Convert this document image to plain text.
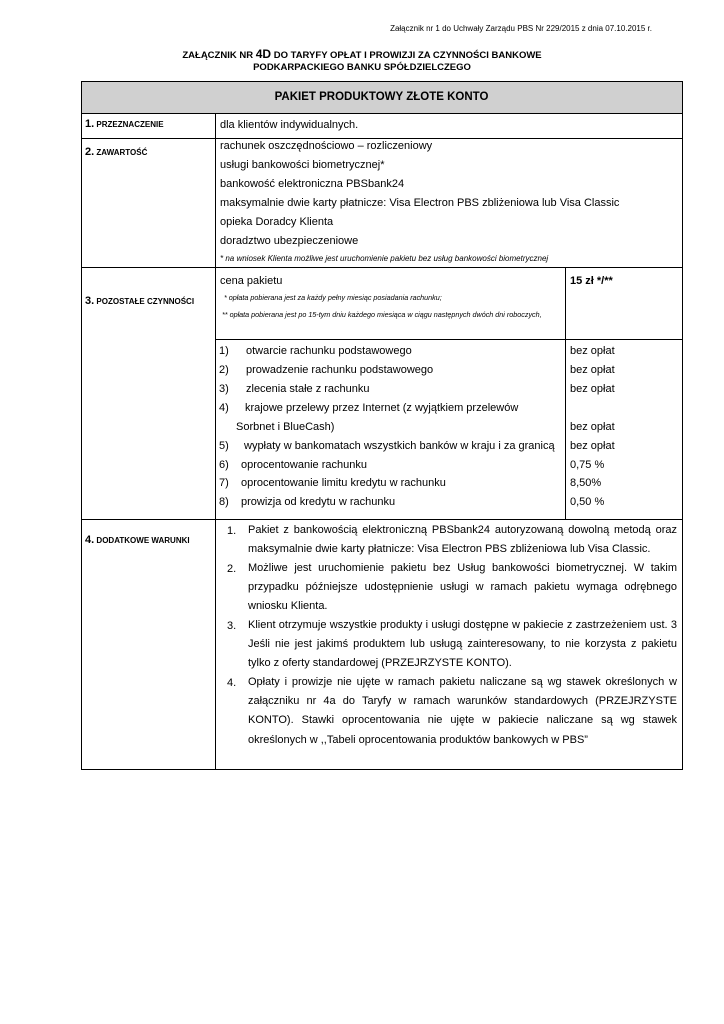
Załącznik nr 1 do Uchwały Zarządu PBS Nr 229/2015 z dnia 07.10.2015 r.
ZAŁĄCZNIK NR 4D DO TARYFY OPŁAT I PROWIZJI ZA CZYNNOŚCI BANKOWE
PODKARPACKIEGO BANKU SPÓŁDZIELCZEGO
PAKIET PRODUKTOWY ZŁOTE KONTO
1. PRZEZNACZENIE	dla klientów indywidualnych.
2. ZAWARTOŚĆ
rachunek oszczędnościowo – rozliczeniowy
usługi bankowości biometrycznej*
bankowość elektroniczna PBSbank24
maksymalnie dwie karty płatnicze: Visa Electron PBS zbliżeniowa lub Visa Classic
opieka Doradcy Klienta
doradztwo ubezpieczeniowe
* na wniosek Klienta możliwe jest uruchomienie pakietu bez usług bankowości biometrycznej
3. POZOSTAŁE CZYNNOŚCI
cena pakietu	15 zł */**
* opłata pobierana jest za każdy pełny miesiąc posiadania rachunku;
** opłata pobierana jest po 15-tym dniu każdego miesiąca w ciągu następnych dwóch dni roboczych,
1) otwarcie rachunku podstawowego	bez opłat
2) prowadzenie rachunku podstawowego	bez opłat
3) zlecenia stałe z rachunku	bez opłat
4) krajowe przelewy przez Internet (z wyjątkiem przelewów
Sorbnet i BlueCash)	bez opłat
5) wypłaty w bankomatach wszystkich banków w kraju i za granicą bez opłat
6) oprocentowanie rachunku	0,75 %
7) oprocentowanie limitu kredytu w rachunku	8,50%
8) prowizja od kredytu w rachunku	0,50 %
4. DODATKOWE WARUNKI
1. Pakiet z bankowością elektroniczną PBSbank24 autoryzowaną dowolną metodą oraz maksymalnie dwie karty płatnicze: Visa Electron PBS zbliżeniowa lub Visa Classic.
2. Możliwe jest uruchomienie pakietu bez Usług bankowości biometrycznej. W takim przypadku późniejsze udostępnienie usługi w ramach pakietu wymaga odrębnego wniosku Klienta.
3. Klient otrzymuje wszystkie produkty i usługi dostępne w pakiecie z zastrzeżeniem ust. 3 Jeśli nie jest jakimś produktem lub usługą zainteresowany, to nie korzysta z pakietu tylko z oferty standardowej (PRZEJRZYSTE KONTO).
4. Opłaty i prowizje nie ujęte w ramach pakietu naliczane są wg stawek określonych w załączniku nr 4a do Taryfy w ramach warunków standardowych (PRZEJRZYSTE KONTO). Stawki oprocentowania nie ujęte w pakiecie naliczane są wg stawek określonych w ,,Tabeli oprocentowania produktów bankowych w PBS”
